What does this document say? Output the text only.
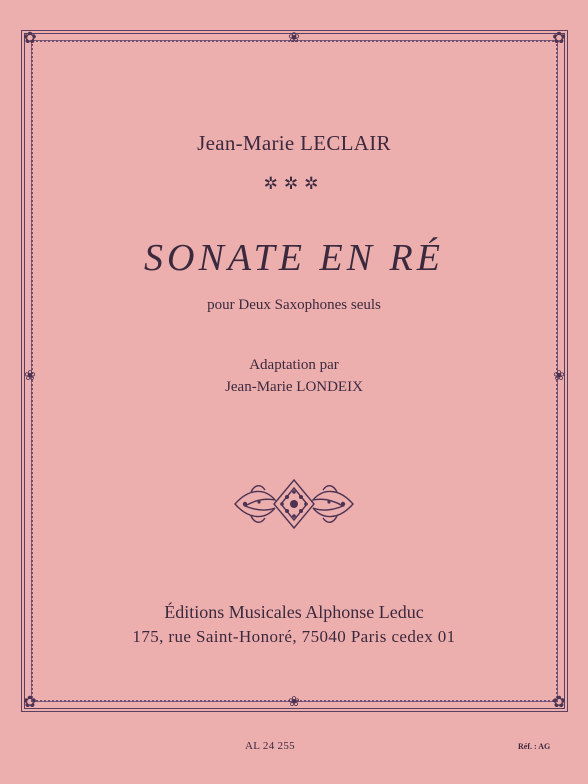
✿	✿
✿	✿
❀
❀
❀	❀
Jean-Marie LECLAIR
✲✲✲
SONATE EN RÉ
pour Deux Saxophones seuls
Adaptation par
Jean-Marie LONDEIX
Éditions Musicales Alphonse Leduc
175, rue Saint-Honoré, 75040 Paris cedex 01
AL 24 255	Réf. : AG
